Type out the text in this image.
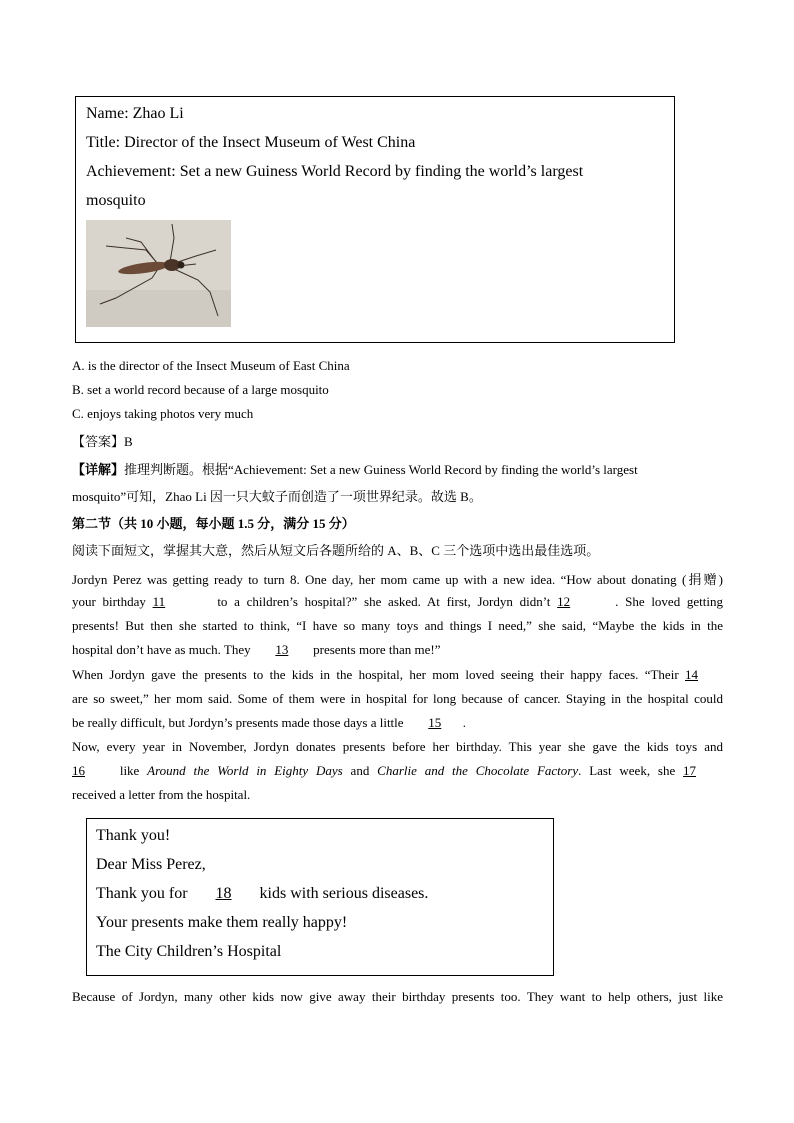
Name: Zhao Li
Title: Director of the Insect Museum of West China
Achievement: Set a new Guiness World Record by finding the world’s largest
mosquito
A. is the director of the Insect Museum of East China
B. set a world record because of a large mosquito
C. enjoys taking photos very much
【答案】B
【详解】推理判断题。根据“Achievement: Set a new Guiness World Record by finding the world’s largest
mosquito”可知，Zhao Li 因一只大蚊子而创造了一项世界纪录。故选 B。
第二节（共 10 小题，每小题 1.5 分，满分 15 分）
阅读下面短文，掌握其大意，然后从短文后各题所给的 A、B、C 三个选项中选出最佳选项。
Jordyn Perez was getting ready to turn 8. One day, her mom came up with a new idea. “How about donating (捐赠)
your birthday 11	to a children’s hospital?” she asked. At first, Jordyn didn’t 12	. She loved getting
presents! But then she started to think, “I have so many toys and things I need,” she said, “Maybe the kids in the
hospital don’t have as much. They 13 presents more than me!”
When Jordyn gave the presents to the kids in the hospital, her mom loved seeing their happy faces. “Their 14
are so sweet,” her mom said. Some of them were in hospital for long because of cancer. Staying in the hospital could
be really difficult, but Jordyn’s presents made those days a little 15 .
Now, every year in November, Jordyn donates presents before her birthday. This year she gave the kids toys and
16	like Around the World in Eighty Days and Charlie and the Chocolate Factory. Last week, she 17
received a letter from the hospital.
Thank you!
Dear Miss Perez,
Thank you for 18 kids with serious diseases.
Your presents make them really happy!
The City Children’s Hospital
Because of Jordyn, many other kids now give away their birthday presents too. They want to help others, just like
